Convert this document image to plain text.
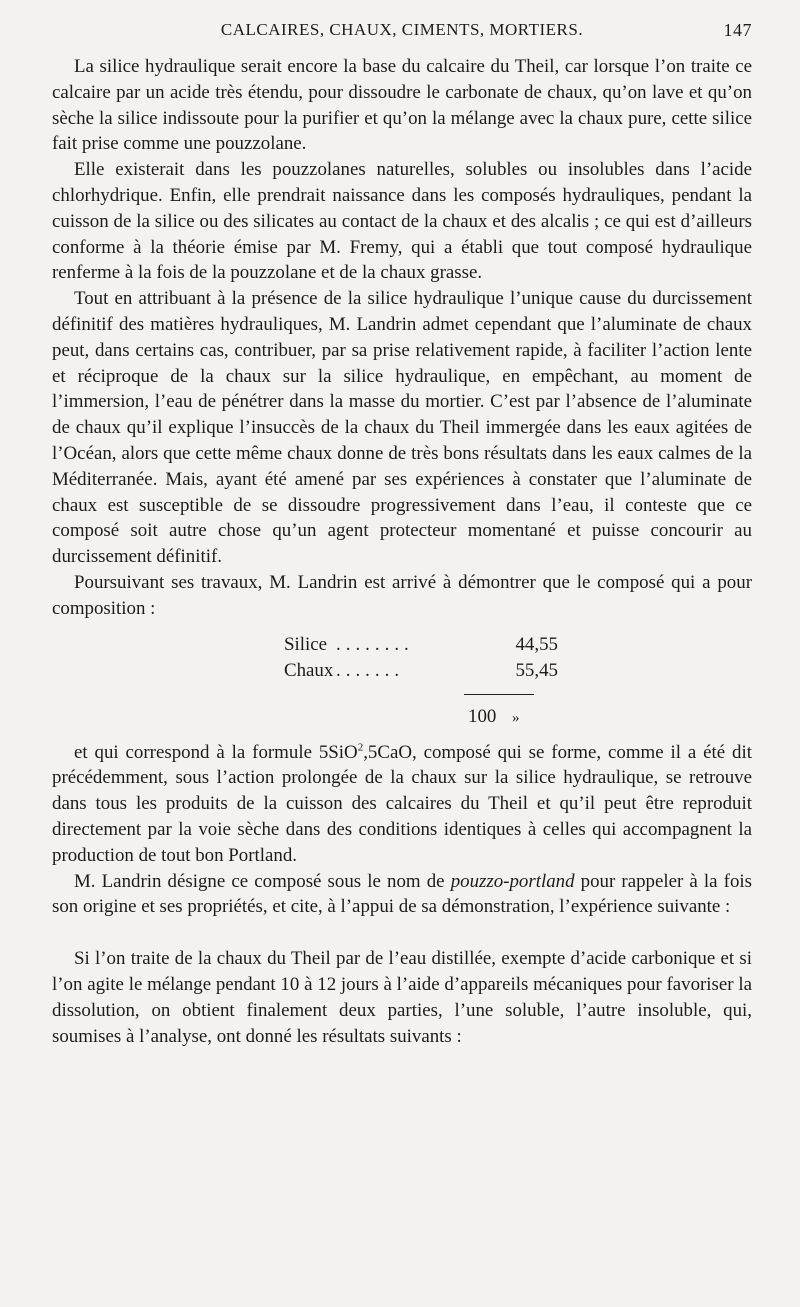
CALCAIRES, CHAUX, CIMENTS, MORTIERS.	147

La silice hydraulique serait encore la base du calcaire du Theil, car lorsque l’on traite ce calcaire par un acide très étendu, pour dissoudre le carbonate de chaux, qu’on lave et qu’on sèche la silice indissoute pour la purifier et qu’on la mélange avec la chaux pure, cette silice fait prise comme une pouzzolane.

Elle existerait dans les pouzzolanes naturelles, solubles ou insolubles dans l’acide chlorhydrique. Enfin, elle prendrait naissance dans les composés hydrauliques, pendant la cuisson de la silice ou des silicates au contact de la chaux et des alcalis ; ce qui est d’ailleurs conforme à la théorie émise par M. Fremy, qui a établi que tout composé hydraulique renferme à la fois de la pouzzolane et de la chaux grasse.

Tout en attribuant à la présence de la silice hydraulique l’unique cause du durcissement définitif des matières hydrauliques, M. Landrin admet cependant que l’aluminate de chaux peut, dans certains cas, contribuer, par sa prise relativement rapide, à faciliter l’action lente et réciproque de la chaux sur la silice hydraulique, en empêchant, au moment de l’immersion, l’eau de pénétrer dans la masse du mortier. C’est par l’absence de l’aluminate de chaux qu’il explique l’insuccès de la chaux du Theil immergée dans les eaux agitées de l’Océan, alors que cette même chaux donne de très bons résultats dans les eaux calmes de la Méditerranée. Mais, ayant été amené par ses expériences à constater que l’aluminate de chaux est susceptible de se dissoudre progressivement dans l’eau, il conteste que ce composé soit autre chose qu’un agent protecteur momentané et puisse concourir au durcissement définitif.

Poursuivant ses travaux, M. Landrin est arrivé à démontrer que le composé qui a pour composition :

Silice ........	44,55
Chaux .......	55,45
100 »

et qui correspond à la formule 5SiO$^2$,5CaO, composé qui se forme, comme il a été dit précédemment, sous l’action prolongée de la chaux sur la silice hydraulique, se retrouve dans tous les produits de la cuisson des calcaires du Theil et qu’il peut être reproduit directement par la voie sèche dans des conditions identiques à celles qui accompagnent la production de tout bon Portland.

M. Landrin désigne ce composé sous le nom de pouzzo-portland pour rappeler à la fois son origine et ses propriétés, et cite, à l’appui de sa démonstration, l’expérience suivante :

Si l’on traite de la chaux du Theil par de l’eau distillée, exempte d’acide carbonique et si l’on agite le mélange pendant 10 à 12 jours à l’aide d’appareils mécaniques pour favoriser la dissolution, on obtient finalement deux parties, l’une soluble, l’autre insoluble, qui, soumises à l’analyse, ont donné les résultats suivants :
